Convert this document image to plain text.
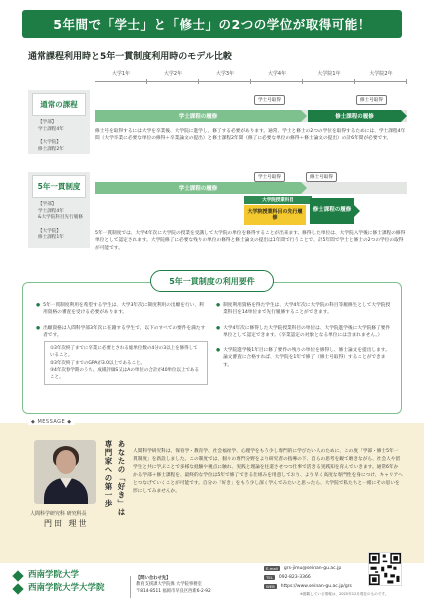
5年間で「学士」と「修士」の2つの学位が取得可能！
通常課程利用時と5年一貫制度利用時のモデル比較
大学1年	大学2年	大学3年	大学4年	大学院1年	大学院2年
通常の課程
【学部】
学士課程4年

【大学院】
修士課程2年
学士号取得	修士号取得
学士課程の履修	修士課程の履修
修士号を取得するには大学を卒業後、大学院に進学し、修了する必要があります。通常、学士と修士の2つの学位を取得するためには、学士課程4年間（大学卒業に必要な単位の修得＋卒業論文の提出）と修士課程2年間（修了に必要な単位の修得＋修士論文の提出）の計6年間が必要です。
5年一貫制度
【学部】
学士課程4年
&大学院科目先行履修

【大学院】
修士課程1年
学士号取得	修士号取得
学士課程の履修
大学院授業科目
大学院授業科目の先行履修
修士課程の履修
5年一貫制度では、大学4年次に大学院の授業を受講して大学院の単位を修得することが出来ます。修得した単位は、大学院入学後に修士課程の修得単位として認定されます。大学院修了に必要な残りの単位の修得と修士論文の提出は1年間で行うことで、計5年間で学士と修士の2つの学位の取得が可能です。
5年一貫制度の利用要件
● 5年一貫制度利用を希望する学生は、大学3年次に制度利用の出願を行い、利用資格の審査を受ける必要があります。
● 出願資格は人間科学部3年次に在籍する学生で、以下のすべての要件を満たす者です。
①3年次終了までに卒業に必要とされる総単位数の4分の3以上を修得していること。
②3年次終了までのGPAが3.0以上であること。
③4年次春学期のうち、成績評価S又はAの単位の合計が40単位以上であること。
● 制度利用資格を得た学生は、大学4年次に大学院の科目等履修生として大学院授業科目を14単位まで先行履修することができます。
● 大学4年次に修得した大学院授業科目の単位は、大学院進学後に大学院修了要件単位として認定できます。（卒業認定の対象となる単位には含まれません。）
● 大学院進学後1年目に修了要件の残りの単位を修得し、修士論文を提出します。論文審査に合格すれば、大学院を1年で修了（修士号取得）することができます。
◆ MESSAGE ◆
人間科学研究科 研究科長
門田 理世
あなたの「好き」は
専門家への第一歩	人間科学研究科は、保育学・教育学、社会福祉学、心理学をもう少し専門的に学びたい人のために、この度「学部・修士5年一貫制度」を新設しました。この制度では、個々の専門分野をより研究者の指導の下、自らの思考を観て磨きながら、社会人や留学生と共に学ぶことで多様な経験や視点に触れ、実践と理論を往還させつつ仕事で活きる実践知を育んでいきます。通常6年かかる学部＋修士課程を、最終的な学位は5年で修了できる仕組みを用意しており、より早く高度な専門性を身につけ、キャリアへとつなげていくことが可能です。自分の「好き」をもう少し深く学んでみたいと思ったら、大学院で私たちと一緒にその思いを形にしてみませんか。
西南学院大学
西南学院大学大学院
【問い合わせ先】
教育支援課大学院係 大学院事務室
〒814-8511 福岡市早良区西新6-2-92
E-mail	grs-jimu@seinan-gu.ac.jp
TEL	092-823-3366
WEB	https://www.seinan-gu.ac.jp/grs
※掲載している情報は、2025年12月現在のものです。
